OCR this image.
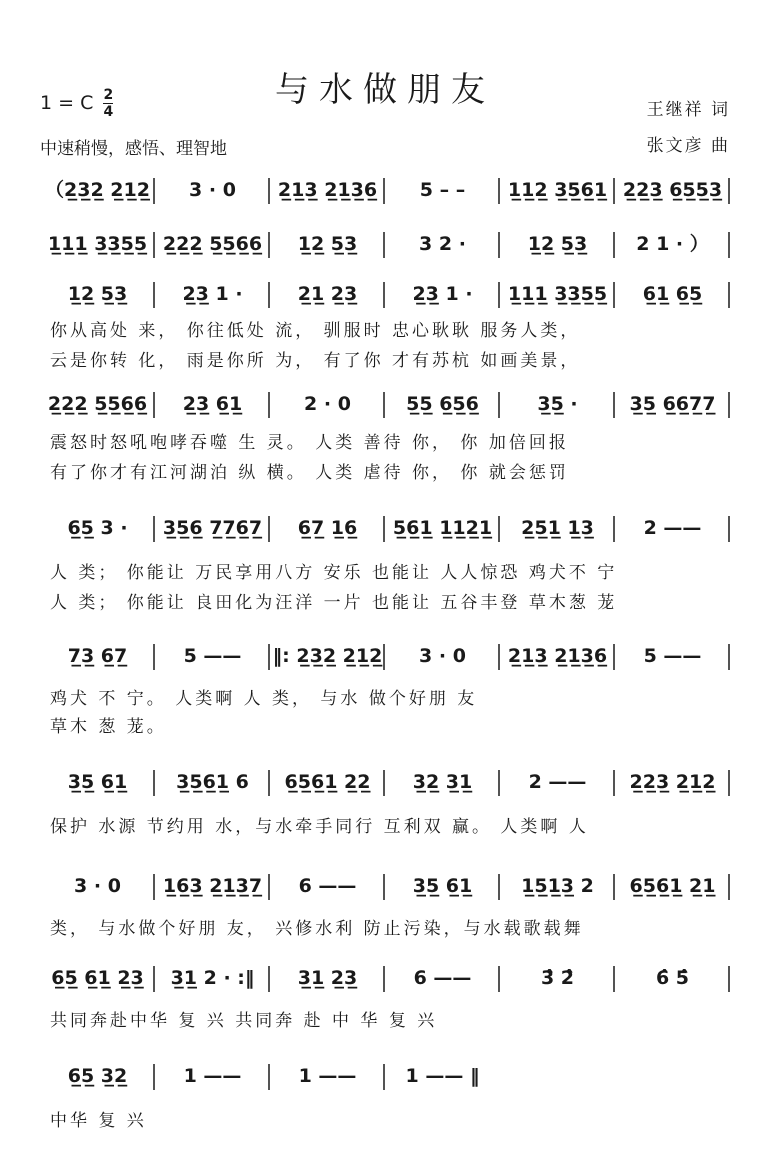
与水做朋友
1 = C $\frac{2}{4}$
中速稍慢，感悟、理智地
王继祥 词
张文彦 曲
（2̲3̲2̲ 2̲1̲2̲ 3 · 0 2̲1̲3̲ 2̲1̲3̲6̲ 5 – – 1̲1̲2̲ 3̲5̲6̲1̲ 2̲2̲3̲ 6̲5̲5̲3̲
1̲1̲1̲ 3̲3̲5̲5̲ 2̲2̲2̲ 5̲5̲6̲6̲ 1̲2̲ 5̲3̲	3 2 ·	1̲2̲ 5̲3̲	2 1 · ）
1̲2̲ 5̲3̲	2̲3̲ 1 ·	2̲1̲ 2̲3̲	2̲3̲ 1 · 1̲1̲1̲ 3̲3̲5̲5̲ 6̲1̲ 6̲5̲
你从高处 来， 你往低处 流， 驯服时 忠心耿耿 服务人类，
云是你转 化， 雨是你所 为， 有了你 才有苏杭 如画美景，
2̲2̲2̲ 5̲5̲6̲6̲ 2̲3̲ 6̲1̲	2 · 0	5̲5̲ 6̲5̲6̲	3̲5̲ ·	3̲5̲ 6̲6̲7̲7̲
震怒时怒吼咆哮吞噬 生 灵。 人类 善待 你， 你 加倍回报
有了你才有江河湖泊 纵 横。 人类 虐待 你， 你 就会惩罚
6̲5̲ 3 · 3̲5̲6̲ 7̲7̲6̲7̲ 6̲7̲ 1̲6̲ 5̲6̲1̲ 1̲1̲2̲1̲ 2̲5̲1̲ 1̲3̲	2 ——
人 类； 你能让 万民享用八方 安乐 也能让 人人惊恐 鸡犬不 宁
人 类； 你能让 良田化为汪洋 一片 也能让 五谷丰登 草木葱 茏
7̲3̲ 6̲7̲	5 —— ‖: 2̲3̲2̲ 2̲1̲2̲ 3 · 0 2̲1̲3̲ 2̲1̲3̲6̲ 5 ——
鸡犬 不 宁。 人类啊 人 类， 与水 做个好朋 友
草木 葱 茏。
3̲5̲ 6̲1̲	3̲5̲6̲1̲ 6 6̲5̲6̲1̲ 2̲2̲ 3̲2̲ 3̲1̲	2 —— 2̲2̲3̲ 2̲1̲2̲
保护 水源 节约用 水，与水牵手同行 互利双 赢。 人类啊 人
3 · 0 1̲6̲3̲ 2̲1̲3̲7̲ 6 ——	3̲5̲ 6̲1̲	1̲5̲1̲3̲ 2 6̲5̲6̲1̲ 2̲1̲
类， 与水做个好朋 友， 兴修水利 防止污染，与水载歌载舞
6̲5̲ 6̲1̲ 2̲3̲ 3̲1̲ 2 · :‖ 3̲1̲ 2̲3̲	6 ——	3̂ 2̂	6̂ 5̂
共同奔赴中华 复 兴 共同奔 赴 中 华 复 兴
6̲5̲ 3̲2̲	1 ——	1 ——	1 —— ‖
中华 复 兴
